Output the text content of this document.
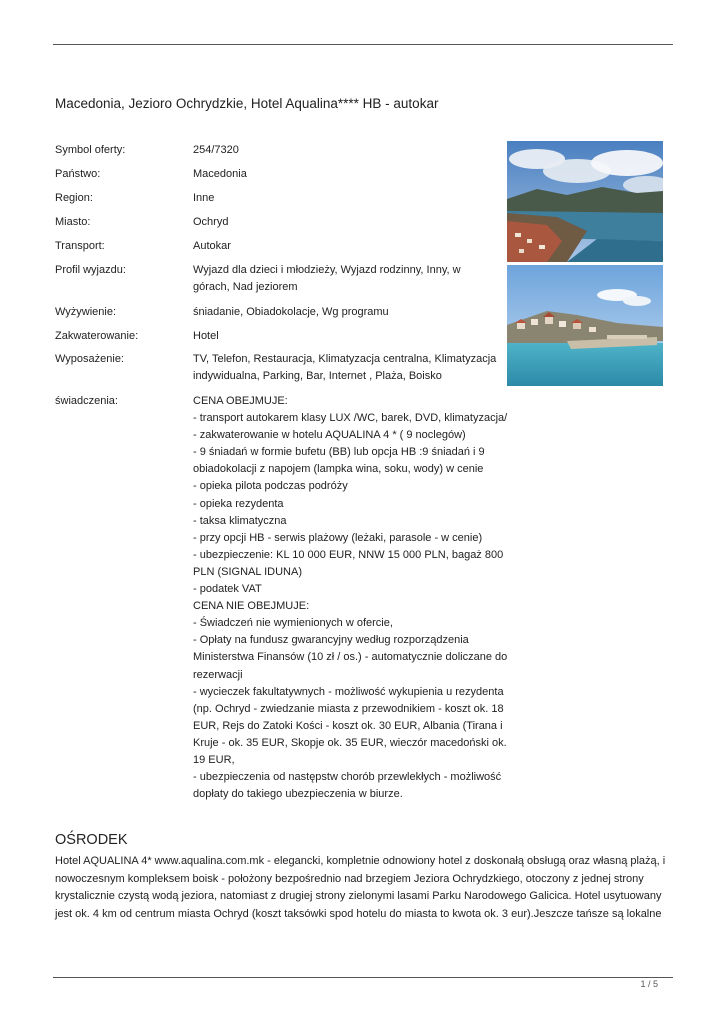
Macedonia, Jezioro Ochrydzkie, Hotel Aqualina**** HB - autokar
Symbol oferty:	254/7320
Państwo:	Macedonia
Region:	Inne
Miasto:	Ochryd
Transport:	Autokar
Profil wyjazdu:	Wyjazd dla dzieci i młodzieży, Wyjazd rodzinny, Inny, w górach, Nad jeziorem
Wyżywienie:	śniadanie, Obiadokolacje, Wg programu
Zakwaterowanie:	Hotel
Wyposażenie:	TV, Telefon, Restauracja, Klimatyzacja centralna, Klimatyzacja indywidualna, Parking, Bar, Internet , Plaża, Boisko
świadczenia:	CENA OBEJMUJE:
- transport autokarem klasy LUX /WC, barek, DVD, klimatyzacja/
- zakwaterowanie w hotelu AQUALINA 4 * ( 9 noclegów)
- 9 śniadań w formie bufetu (BB) lub opcja HB :9 śniadań i 9 obiadokolacji z napojem (lampka wina, soku, wody) w cenie
- opieka pilota podczas podróży
- opieka rezydenta
- taksa klimatyczna
- przy opcji HB - serwis plażowy (leżaki, parasole - w cenie)
- ubezpieczenie: KL 10 000 EUR, NNW 15 000 PLN, bagaż 800 PLN (SIGNAL IDUNA)
- podatek VAT
CENA NIE OBEJMUJE:
- Świadczeń nie wymienionych w ofercie,
- Opłaty na fundusz gwarancyjny według rozporządzenia Ministerstwa Finansów (10 zł / os.) - automatycznie doliczane do rezerwacji
- wycieczek fakultatywnych - możliwość wykupienia u rezydenta (np. Ochryd - zwiedzanie miasta z przewodnikiem - koszt ok. 18 EUR, Rejs do Zatoki Kości - koszt ok. 30 EUR, Albania (Tirana i Kruje - ok. 35 EUR, Skopje ok. 35 EUR, wieczór macedoński ok. 19 EUR,
- ubezpieczenia od następstw chorób przewlekłych - możliwość dopłaty do takiego ubezpieczenia w biurze.
OŚRODEK
Hotel AQUALINA 4* www.aqualina.com.mk - elegancki, kompletnie odnowiony hotel z doskonałą obsługą oraz własną plażą, i nowoczesnym kompleksem boisk - położony bezpośrednio nad brzegiem Jeziora Ochrydzkiego, otoczony z jednej strony krystalicznie czystą wodą jeziora, natomiast z drugiej strony zielonymi lasami Parku Narodowego Galicica. Hotel usytuowany jest ok. 4 km od centrum miasta Ochryd (koszt taksówki spod hotelu do miasta to kwota ok. 3 eur).Jeszcze tańsze są lokalne
1 / 5
